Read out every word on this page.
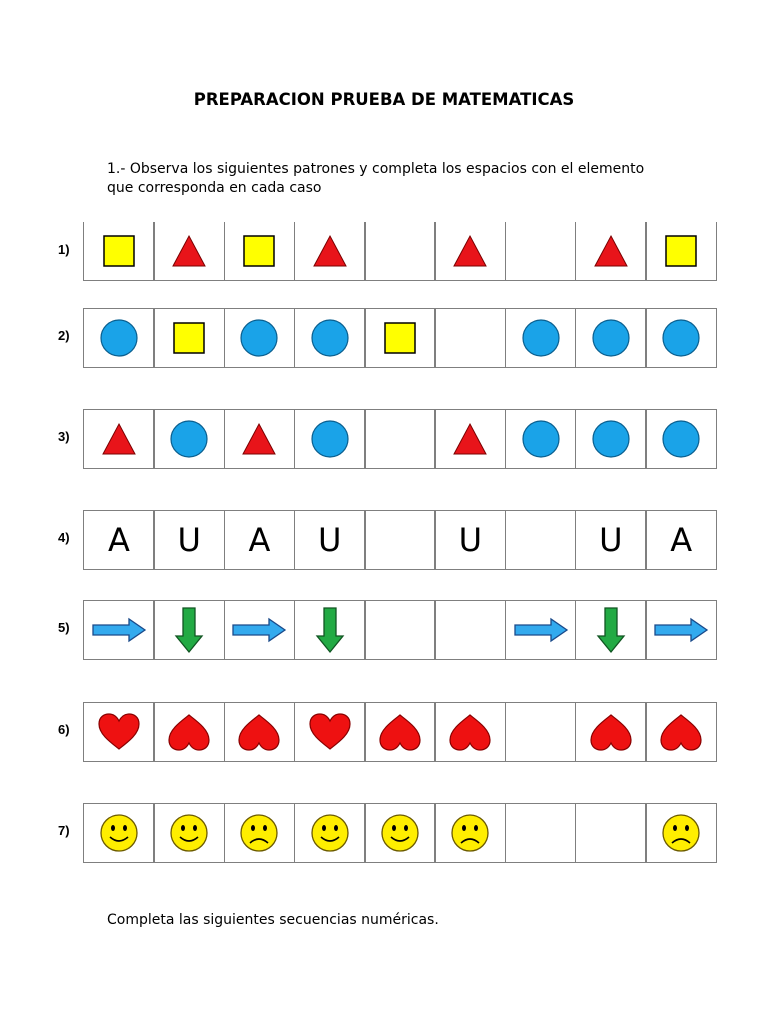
PREPARACION PRUEBA DE MATEMATICAS
1.- Observa los siguientes patrones y completa los espacios con el elemento que corresponda en cada caso
1)
2)
3)
4) A U A U	U	U A
5)
6)
7)
Completa las siguientes secuencias numéricas.
